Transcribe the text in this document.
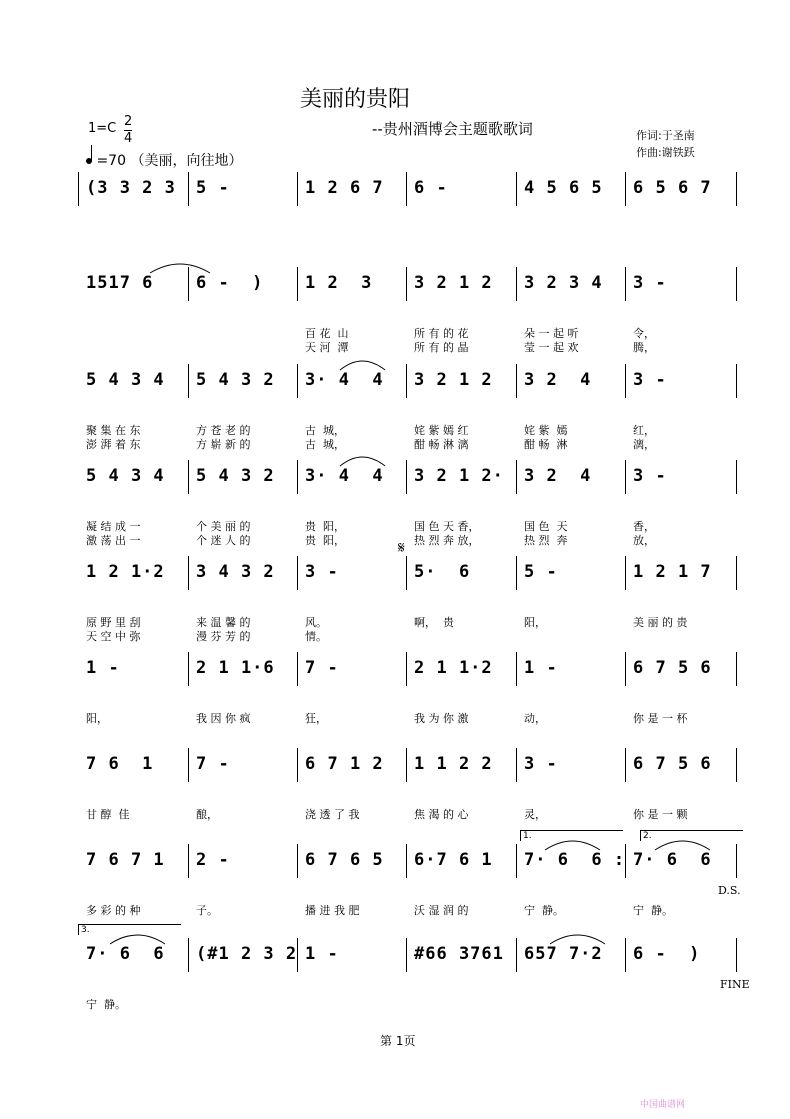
美丽的贵阳
--贵州酒博会主题歌歌词	作词:于圣南
作曲:谢铁跃
$1=C \frac{2}{4}$
=70 （美丽，向往地）
(3 3 2 3 5 -	1 2 6 7 6 -	4 5 6 5 6 5 6 7
1517 6	6 -  ) 1 2  3 3 2 1 2 3 2 3 4 3 -
百 花  山	所 有 的 花	朵 一 起 听	令，
天 河  潭	所 有 的 晶	莹 一 起 欢	腾，
5 4 3 4 5 4 3 2 3· 4  4 3 2 1 2 3 2  4 3 -
聚 集 在 东	方 苍 老 的	古  城，	姹 紫 嫣 红	姹 紫  嫣	红，
澎 湃 着 东	方 崭 新 的	古  城，	酣 畅 淋 漓	酣 畅  淋	漓，
5 4 3 4 5 4 3 2 3· 4  4 3 2 1 2· 3 2  4 3 -
凝 结 成 一	个 美 丽 的	贵  阳，	国 色 天 香，	国 色  天	香，
激 荡 出 一	个 迷 人 的	贵  阳，	热 烈 奔 放，	热 烈  奔	放，
1 2 1·2 3 4 3 2 3 -	5·  6	5 -	1 2 1 7
原 野 里 刮	来 温 馨 的	风。	啊，  贵	阳，	美 丽 的 贵
天 空 中 弥	漫 芬 芳 的	情。
1 -	2 1 1·6 7 -	2 1 1·2 1 -	6 7 5 6
阳，	我 因 你 疯	狂，	我 为 你 激	动，	你 是 一 杯
7 6  1	7 -	6 7 1 2 1 1 2 2 3 -	6 7 5 6
甘 醇  佳	酿，	浇 透 了 我	焦 渴 的 心	灵，	你 是 一 颗
7 6 7 1 2 -	6 7 6 5 6·7 6 1 7· 6  6 : 7· 6  6
多 彩 的 种	子。	播 进 我 肥	沃 湿 润 的	宁  静。	宁  静。
D.S.
1.	2.
7· 6  6 (#1 2 3 2 1 -	#66 3761 657 7·2 6 -  )
宁  静。
FINE
3.
第 1页
中国曲谱网
𝄋
